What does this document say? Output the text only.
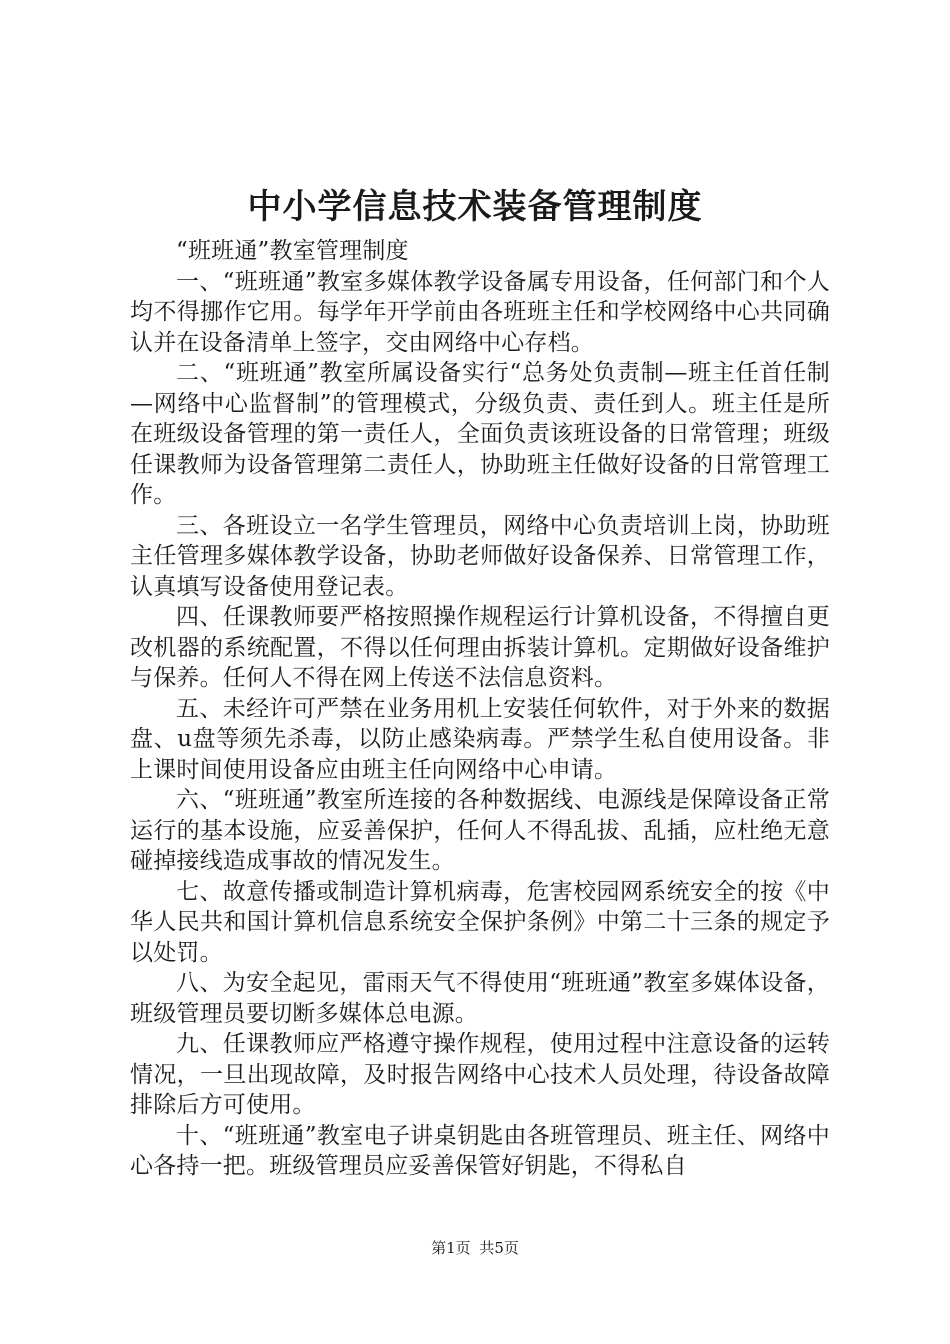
中小学信息技术装备管理制度

“班班通”教室管理制度

一、“班班通”教室多媒体教学设备属专用设备，任何部门和个人均不得挪作它用。每学年开学前由各班班主任和学校网络中心共同确认并在设备清单上签字，交由网络中心存档。

二、“班班通”教室所属设备实行“总务处负责制—班主任首任制—网络中心监督制”的管理模式，分级负责、责任到人。班主任是所在班级设备管理的第一责任人，全面负责该班设备的日常管理；班级任课教师为设备管理第二责任人，协助班主任做好设备的日常管理工作。

三、各班设立一名学生管理员，网络中心负责培训上岗，协助班主任管理多媒体教学设备，协助老师做好设备保养、日常管理工作，认真填写设备使用登记表。

四、任课教师要严格按照操作规程运行计算机设备，不得擅自更改机器的系统配置，不得以任何理由拆装计算机。定期做好设备维护与保养。任何人不得在网上传送不法信息资料。

五、未经许可严禁在业务用机上安装任何软件，对于外来的数据盘、u盘等须先杀毒，以防止感染病毒。严禁学生私自使用设备。非上课时间使用设备应由班主任向网络中心申请。

六、“班班通”教室所连接的各种数据线、电源线是保障设备正常运行的基本设施，应妥善保护，任何人不得乱拔、乱插，应杜绝无意碰掉接线造成事故的情况发生。

七、故意传播或制造计算机病毒，危害校园网系统安全的按《中华人民共和国计算机信息系统安全保护条例》中第二十三条的规定予以处罚。

八、为安全起见，雷雨天气不得使用“班班通”教室多媒体设备，班级管理员要切断多媒体总电源。

九、任课教师应严格遵守操作规程，使用过程中注意设备的运转情况，一旦出现故障，及时报告网络中心技术人员处理，待设备故障排除后方可使用。

十、“班班通”教室电子讲桌钥匙由各班管理员、班主任、网络中心各持一把。班级管理员应妥善保管好钥匙，不得私自

第1页 共5页
